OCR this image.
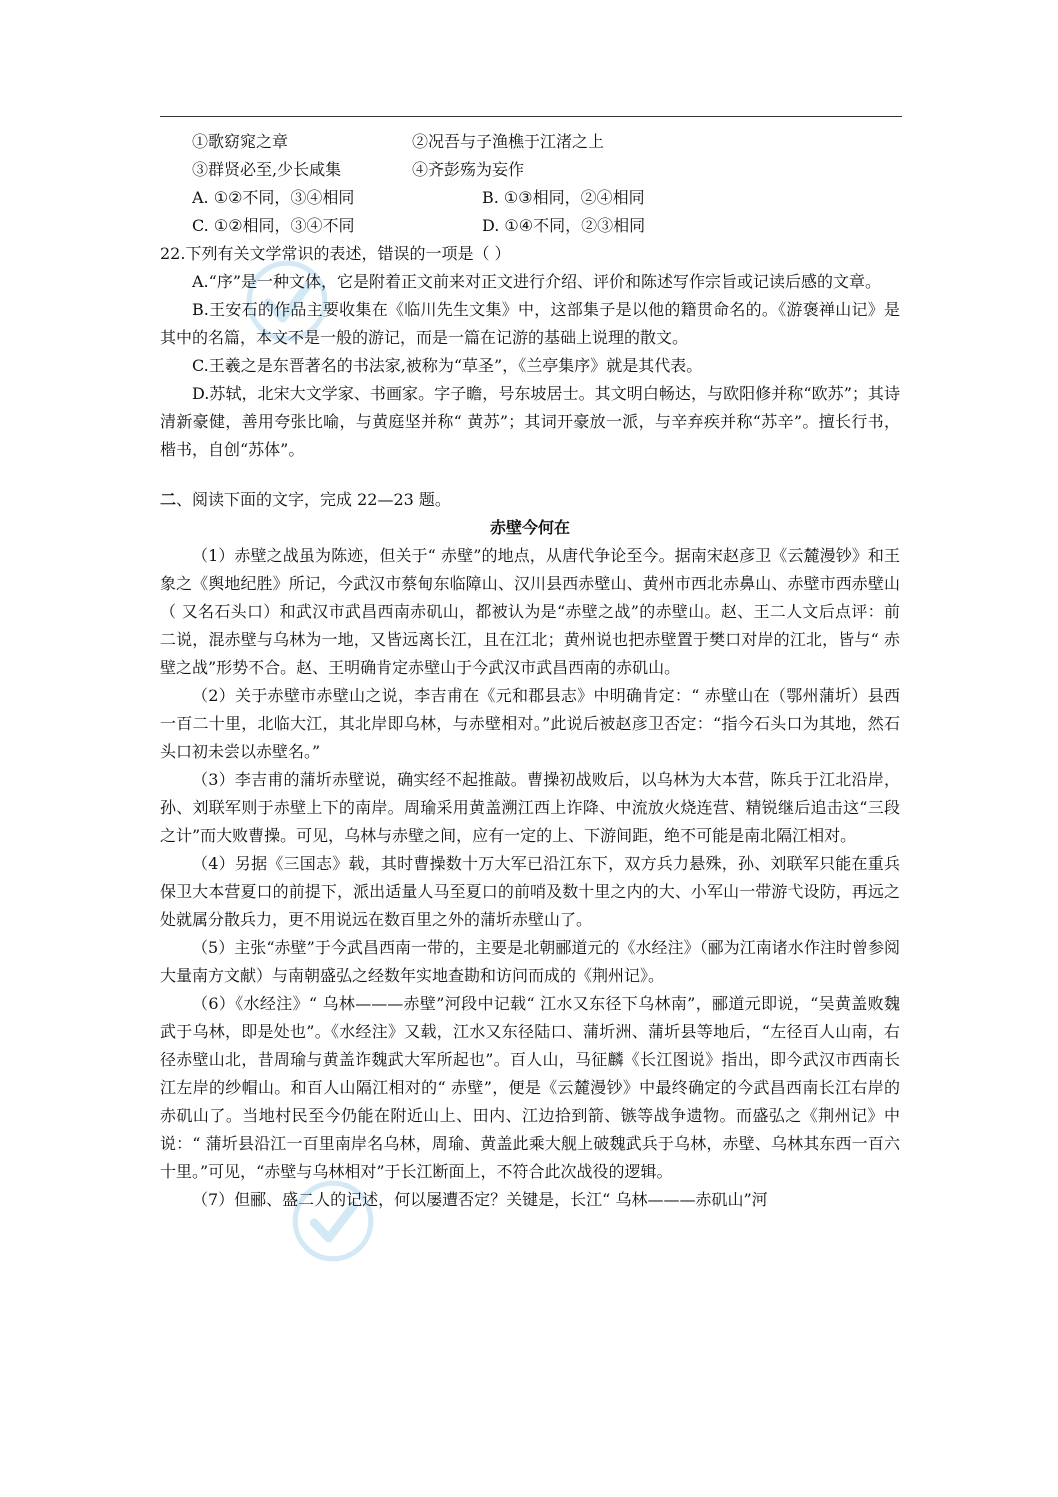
①歌窈窕之章	②况吾与子渔樵于江渚之上
③群贤必至,少长咸集	④齐彭殇为妄作
A. ①②不同，③④相同	B. ①③相同，②④相同
C. ①②相同，③④不同	D. ①④不同，②③相同
22.下列有关文学常识的表述，错误的一项是（ ）

A.“序”是一种文体，它是附着正文前来对正文进行介绍、评价和陈述写作宗旨或记读后感的文章。

B.王安石的作品主要收集在《临川先生文集》中，这部集子是以他的籍贯命名的。《游褒禅山记》是其中的名篇，本文不是一般的游记，而是一篇在记游的基础上说理的散文。

C.王羲之是东晋著名的书法家,被称为“草圣”，《兰亭集序》就是其代表。

D.苏轼，北宋大文学家、书画家。字子瞻，号东坡居士。其文明白畅达，与欧阳修并称“欧苏”；其诗清新豪健，善用夸张比喻，与黄庭坚并称“ 黄苏”；其词开豪放一派，与辛弃疾并称“苏辛”。擅长行书，楷书，自创“苏体”。

二、阅读下面的文字，完成 22—23 题。
赤壁今何在

（1）赤壁之战虽为陈迹，但关于“ 赤壁”的地点，从唐代争论至今。据南宋赵彦卫《云麓漫钞》和王象之《舆地纪胜》所记，今武汉市蔡甸东临障山、汉川县西赤壁山、黄州市西北赤鼻山、赤壁市西赤壁山（ 又名石头口）和武汉市武昌西南赤矶山，都被认为是“赤壁之战”的赤壁山。赵、王二人文后点评：前二说，混赤壁与乌林为一地，又皆远离长江，且在江北；黄州说也把赤壁置于樊口对岸的江北，皆与“ 赤壁之战”形势不合。赵、王明确肯定赤壁山于今武汉市武昌西南的赤矶山。

（2）关于赤壁市赤壁山之说，李吉甫在《元和郡县志》中明确肯定：“ 赤壁山在（鄂州蒲圻）县西一百二十里，北临大江，其北岸即乌林，与赤壁相对。”此说后被赵彦卫否定：“指今石头口为其地，然石头口初未尝以赤壁名。”

（3）李吉甫的蒲圻赤壁说，确实经不起推敲。曹操初战败后，以乌林为大本营，陈兵于江北沿岸，孙、刘联军则于赤壁上下的南岸。周瑜采用黄盖溯江西上诈降、中流放火烧连营、精锐继后追击这“三段之计”而大败曹操。可见，乌林与赤壁之间，应有一定的上、下游间距，绝不可能是南北隔江相对。

（4）另据《三国志》载，其时曹操数十万大军已沿江东下，双方兵力悬殊，孙、刘联军只能在重兵保卫大本营夏口的前提下，派出适量人马至夏口的前哨及数十里之内的大、小军山一带游弋设防，再远之处就属分散兵力，更不用说远在数百里之外的蒲圻赤壁山了。

（5）主张“赤壁”于今武昌西南一带的，主要是北朝郦道元的《水经注》（郦为江南诸水作注时曾参阅大量南方文献）与南朝盛弘之经数年实地查勘和访问而成的《荆州记》。

（6）《水经注》“ 乌林———赤壁”河段中记载“ 江水又东径下乌林南”，郦道元即说，“吴黄盖败魏武于乌林，即是处也”。《水经注》又载，江水又东径陆口、蒲圻洲、蒲圻县等地后，“左径百人山南，右径赤壁山北，昔周瑜与黄盖诈魏武大军所起也”。百人山，马征麟《长江图说》指出，即今武汉市西南长江左岸的纱帽山。和百人山隔江相对的“ 赤壁”，便是《云麓漫钞》中最终确定的今武昌西南长江右岸的赤矶山了。当地村民至今仍能在附近山上、田内、江边拾到箭、镞等战争遗物。而盛弘之《荆州记》中说：“ 蒲圻县沿江一百里南岸名乌林，周瑜、黄盖此乘大舰上破魏武兵于乌林，赤壁、乌林其东西一百六十里。”可见，“赤壁与乌林相对”于长江断面上，不符合此次战役的逻辑。

（7）但郦、盛二人的记述，何以屡遭否定？关键是，长江“ 乌林———赤矶山”河
